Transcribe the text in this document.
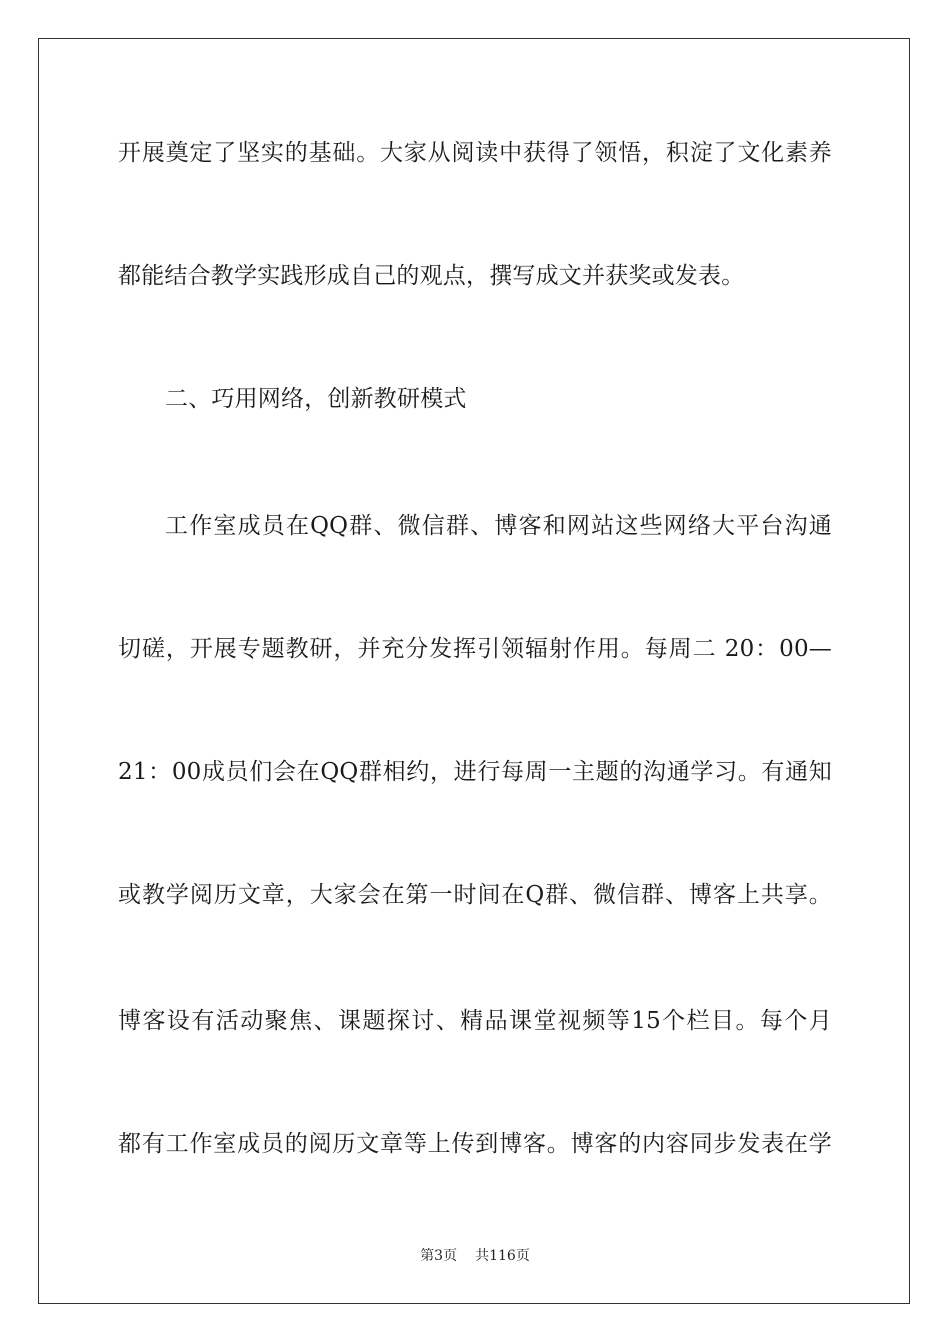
开展奠定了坚实的基础。大家从阅读中获得了领悟，积淀了文化素养
都能结合教学实践形成自己的观点，撰写成文并获奖或发表。
二、巧用网络，创新教研模式
工作室成员在QQ群、微信群、博客和网站这些网络大平台沟通
切磋，开展专题教研，并充分发挥引领辐射作用。每周二 20：00—
21：00成员们会在QQ群相约，进行每周一主题的沟通学习。有通知
或教学阅历文章，大家会在第一时间在Q群、微信群、博客上共享。
博客设有活动聚焦、课题探讨、精品课堂视频等15个栏目。每个月
都有工作室成员的阅历文章等上传到博客。博客的内容同步发表在学
第3页 共116页
